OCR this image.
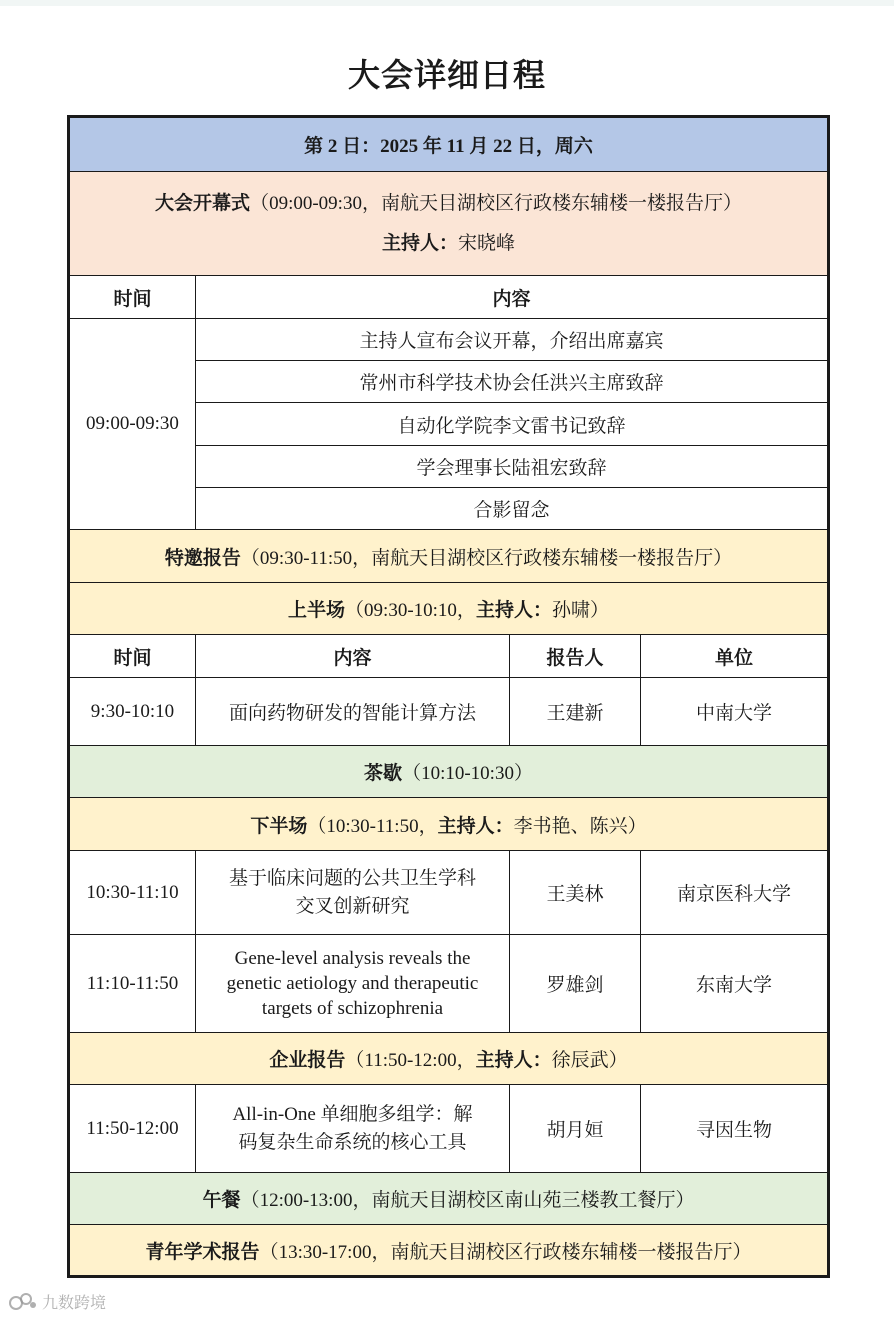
大会详细日程
第 2 日：2025 年 11 月 22 日，周六			

大会开幕式（09:00-09:30，南航天目湖校区行政楼东辅楼一楼报告厅）
主持人：宋晓峰			

时间	内容		
09:00-09:30	主持人宣布会议开幕，介绍出席嘉宾		
	常州市科学技术协会任洪兴主席致辞		
	自动化学院李文雷书记致辞		
	学会理事长陆祖宏致辞		
	合影留念		
特邀报告（09:30-11:50，南航天目湖校区行政楼东辅楼一楼报告厅）			
上半场（09:30-10:10，主持人：孙啸）			
时间	内容	报告人	单位
9:30-10:10	面向药物研发的智能计算方法	王建新	中南大学
茶歇（10:10-10:30）			
下半场（10:30-11:50，主持人：李书艳、陈兴）			
10:30-11:10	基于临床问题的公共卫生学科
交叉创新研究	王美林	南京医科大学
11:10-11:50	Gene-level analysis reveals the
genetic aetiology and therapeutic
targets of schizophrenia	罗雄剑	东南大学
企业报告（11:50-12:00，主持人：徐辰武）			
11:50-12:00	All-in-One 单细胞多组学：解
码复杂生命系统的核心工具	胡月姮	寻因生物
午餐（12:00-13:00，南航天目湖校区南山苑三楼教工餐厅）			
青年学术报告（13:30-17:00，南航天目湖校区行政楼东辅楼一楼报告厅）			
九数跨境
